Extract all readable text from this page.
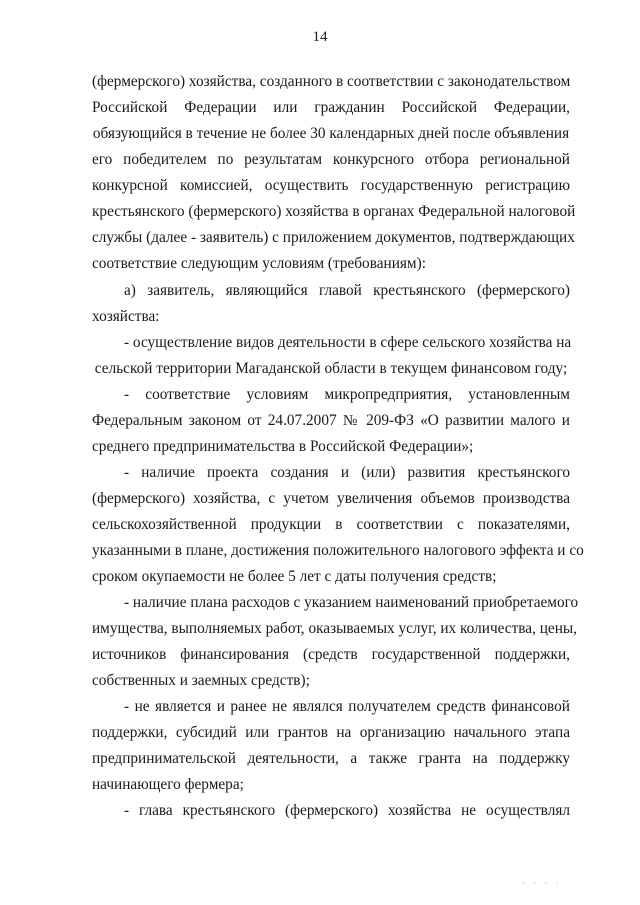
14
(фермерского) хозяйства, созданного в соответствии с законодательством
Российской Федерации или гражданин Российской Федерации,
обязующийся в течение не более 30 календарных дней после объявления
его победителем по результатам конкурсного отбора региональной
конкурсной комиссией, осуществить государственную регистрацию
крестьянского (фермерского) хозяйства в органах Федеральной налоговой
службы (далее - заявитель) с приложением документов, подтверждающих
соответствие следующим условиям (требованиям):
а) заявитель, являющийся главой крестьянского (фермерского)
хозяйства:
- осуществление видов деятельности в сфере сельского хозяйства на
сельской территории Магаданской области в текущем финансовом году;
- соответствие условиям микропредприятия, установленным
Федеральным законом от 24.07.2007 № 209-ФЗ «О развитии малого и
среднего предпринимательства в Российской Федерации»;
- наличие проекта создания и (или) развития крестьянского
(фермерского) хозяйства, с учетом увеличения объемов производства
сельскохозяйственной продукции в соответствии с показателями,
указанными в плане, достижения положительного налогового эффекта и со
сроком окупаемости не более 5 лет с даты получения средств;
- наличие плана расходов с указанием наименований приобретаемого
имущества, выполняемых работ, оказываемых услуг, их количества, цены,
источников финансирования (средств государственной поддержки,
собственных и заемных средств);
- не является и ранее не являлся получателем средств финансовой
поддержки, субсидий или грантов на организацию начального этапа
предпринимательской деятельности, а также гранта на поддержку
начинающего фермера;
- глава крестьянского (фермерского) хозяйства не осуществлял
· · · ·
